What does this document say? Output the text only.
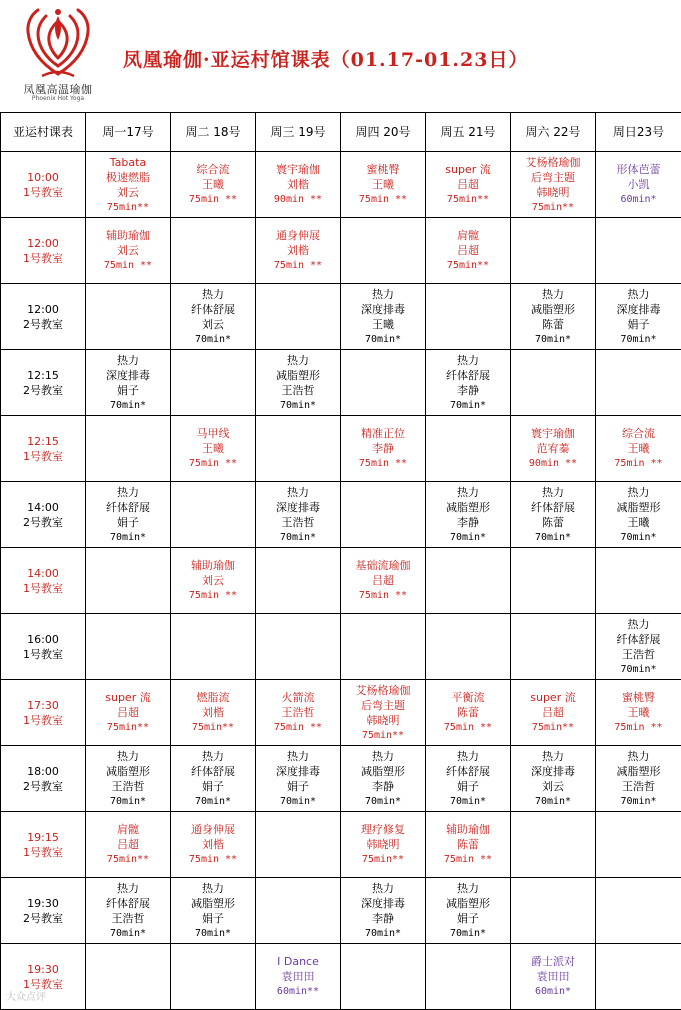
凤凰高温瑜伽
Phoenix Hot Yoga
凤凰瑜伽·亚运村馆课表（01.17-01.23日）
亚运村课表	周一17号	周二 18号	周三 19号	周四 20号	周五 21号	周六 22号	周日23号

10:00
1号教室	Tabata
极速燃脂
刘云
75min**	综合流
王曦
75min **	寰宇瑜伽
刘楷
90min **	蜜桃臀
王曦
75min **	super 流
吕超
75min**	艾杨格瑜伽
后弯主题
韩晓明
75min**	形体芭蕾
小凯
60min*

12:00
1号教室	辅助瑜伽
刘云
75min **		通身伸展
刘楷
75min **		肩髋
吕超
75min**		

12:00
2号教室		热力
纤体舒展
刘云
70min*		热力
深度排毒
王曦
70min*		热力
减脂塑形
陈蕾
70min*	热力
深度排毒
娟子
70min*

12:15
2号教室	热力
深度排毒
娟子
70min*		热力
减脂塑形
王浩哲
70min*		热力
纤体舒展
李静
70min*		

12:15
1号教室		马甲线
王曦
75min **		精准正位
李静
75min **		寰宇瑜伽
范宥蓁
90min **	综合流
王曦
75min **

14:00
2号教室	热力
纤体舒展
娟子
70min*		热力
深度排毒
王浩哲
70min*		热力
减脂塑形
李静
70min*	热力
纤体舒展
陈蕾
70min*	热力
减脂塑形
王曦
70min*

14:00
1号教室		辅助瑜伽
刘云
75min **		基础流瑜伽
吕超
75min **			

16:00
1号教室							热力
纤体舒展
王浩哲
70min*

17:30
1号教室	super 流
吕超
75min**	燃脂流
刘楷
75min**	火箭流
王浩哲
75min **	艾杨格瑜伽
后弯主题
韩晓明
75min**	平衡流
陈蕾
75min **	super 流
吕超
75min**	蜜桃臀
王曦
75min **

18:00
2号教室	热力
减脂塑形
王浩哲
70min*	热力
纤体舒展
娟子
70min*	热力
深度排毒
娟子
70min*	热力
减脂塑形
李静
70min*	热力
纤体舒展
娟子
70min*	热力
深度排毒
刘云
70min*	热力
减脂塑形
王浩哲
70min*

19:15
1号教室	肩髋
吕超
75min**	通身伸展
刘楷
75min **		理疗修复
韩晓明
75min**	辅助瑜伽
陈蕾
75min **		

19:30
2号教室	热力
纤体舒展
王浩哲
70min*	热力
减脂塑形
娟子
70min*		热力
深度排毒
李静
70min*	热力
减脂塑形
娟子
70min*		

19:30
1号教室			I Dance
袁田田
60min**			爵士派对
袁田田
60min*	

大众点评
